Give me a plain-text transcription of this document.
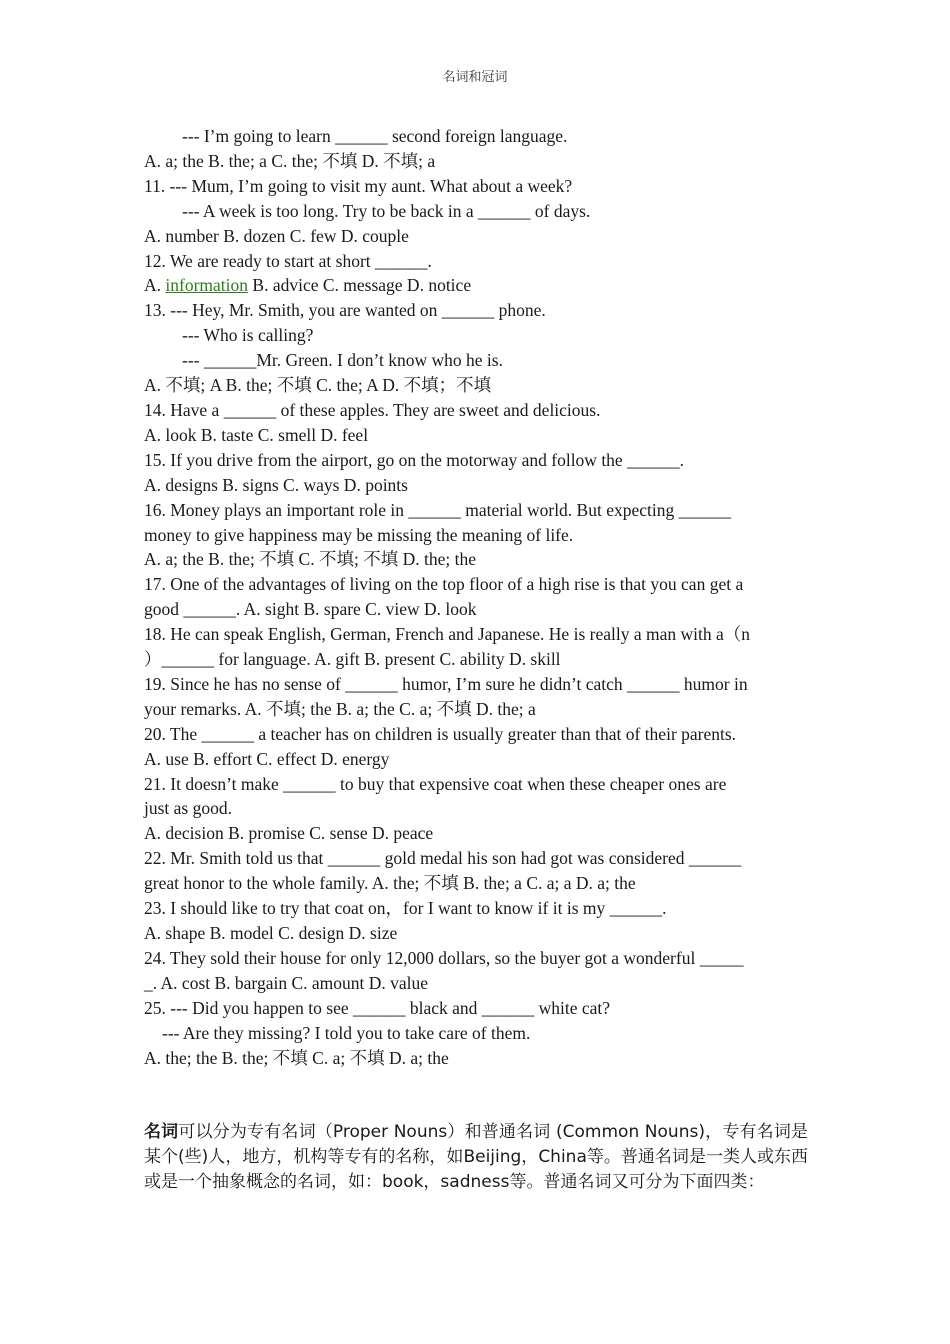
名词和冠词
--- I’m going to learn ______ second foreign language.
A. a; the B. the; a C. the; 不填 D. 不填; a
11. --- Mum, I’m going to visit my aunt. What about a week?
--- A week is too long. Try to be back in a ______ of days.
A. number B. dozen C. few D. couple
12. We are ready to start at short ______.
A. information B. advice C. message D. notice
13. --- Hey, Mr. Smith, you are wanted on ______ phone.
--- Who is calling?
--- ______Mr. Green. I don’t know who he is.
A. 不填; A B. the; 不填 C. the; A D. 不填；不填
14. Have a ______ of these apples. They are sweet and delicious.
A. look B. taste C. smell D. feel
15. If you drive from the airport, go on the motorway and follow the ______.
A. designs B. signs C. ways D. points
16. Money plays an important role in ______ material world. But expecting ______
money to give happiness may be missing the meaning of life.
A. a; the B. the; 不填 C. 不填; 不填 D. the; the
17. One of the advantages of living on the top floor of a high rise is that you can get a
good ______. A. sight B. spare C. view D. look
18. He can speak English, German, French and Japanese. He is really a man with a（n
）______ for language. A. gift B. present C. ability D. skill
19. Since he has no sense of ______ humor, I’m sure he didn’t catch ______ humor in
your remarks. A. 不填; the B. a; the C. a; 不填 D. the; a
20. The ______ a teacher has on children is usually greater than that of their parents.
A. use B. effort C. effect D. energy
21. It doesn’t make ______ to buy that expensive coat when these cheaper ones are
just as good.
A. decision B. promise C. sense D. peace
22. Mr. Smith told us that ______ gold medal his son had got was considered ______
great honor to the whole family. A. the; 不填 B. the; a C. a; a D. a; the
23. I should like to try that coat on，for I want to know if it is my ______.
A. shape B. model C. design D. size
24. They sold their house for only 12,000 dollars, so the buyer got a wonderful _____
_. A. cost B. bargain C. amount D. value
25. --- Did you happen to see ______ black and ______ white cat?
--- Are they missing? I told you to take care of them.
A. the; the B. the; 不填 C. a; 不填 D. a; the
名词可以分为专有名词（Proper Nouns）和普通名词 (Common Nouns)，专有名词是某个(些)人，地方，机构等专有的名称，如Beijing，China等。普通名词是一类人或东西或是一个抽象概念的名词，如：book，sadness等。普通名词又可分为下面四类：
